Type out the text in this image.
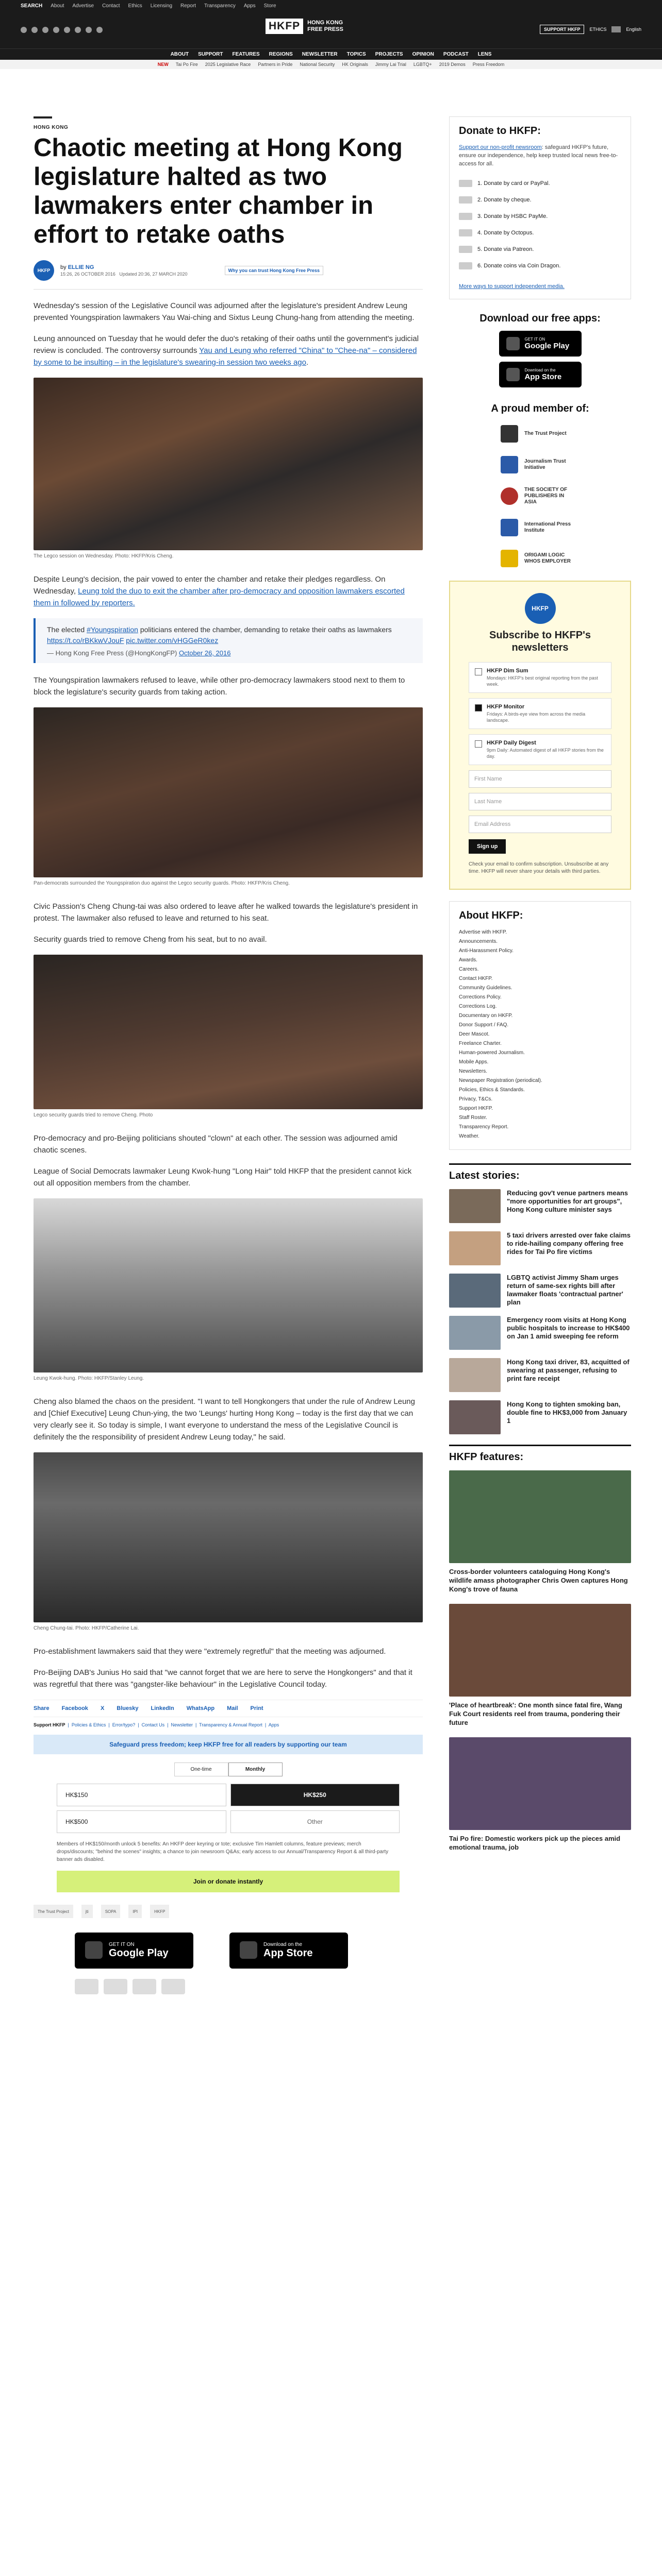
SEARCH About Advertise Contact Ethics Licensing Report Transparency Apps Store
HKFP	HONG KONG
FREE PRESS	SUPPORT HKFP	ETHICS	English
ABOUT SUPPORT FEATURES REGIONS NEWSLETTER TOPICS PROJECTS OPINION PODCAST LENS
NEW Tai Po Fire 2025 Legislative Race Partners in Pride National Security HK Originals Jimmy Lai Trial LGBTQ+ 2019 Demos Press Freedom
HONG KONG
Chaotic meeting at Hong Kong legislature halted as two lawmakers enter chamber in effort to retake oaths
HKFP	by ELLIE NG
15:26, 26 OCTOBER 2016 Updated 20:36, 27 MARCH 2020
Why you can trust Hong Kong Free Press

Wednesday's session of the Legislative Council was adjourned after the legislature's president Andrew Leung prevented Youngspiration lawmakers Yau Wai-ching and Sixtus Leung Chung-hang from attending the meeting.

Leung announced on Tuesday that he would defer the duo's retaking of their oaths until the government's judicial review is concluded. The controversy surrounds Yau and Leung who referred "China" to "Chee-na" – considered by some to be insulting – in the legislature's swearing-in session two weeks ago.

The Legco session on Wednesday. Photo: HKFP/Kris Cheng.

Despite Leung's decision, the pair vowed to enter the chamber and retake their pledges regardless. On Wednesday, Leung told the duo to exit the chamber after pro-democracy and opposition lawmakers escorted them in followed by reporters.

The elected #Youngspiration politicians entered the chamber, demanding to retake their oaths as lawmakers https://t.co/rBKkwVJouF pic.twitter.com/vHGGeR0kez

— Hong Kong Free Press (@HongKongFP) October 26, 2016

The Youngspiration lawmakers refused to leave, while other pro-democracy lawmakers stood next to them to block the legislature's security guards from taking action.

Pan-democrats surrounded the Youngspiration duo against the Legco security guards. Photo: HKFP/Kris Cheng.

Civic Passion's Cheng Chung-tai was also ordered to leave after he walked towards the legislature's president in protest. The lawmaker also refused to leave and returned to his seat.

Security guards tried to remove Cheng from his seat, but to no avail.

Legco security guards tried to remove Cheng. Photo

Pro-democracy and pro-Beijing politicians shouted "clown" at each other. The session was adjourned amid chaotic scenes.

League of Social Democrats lawmaker Leung Kwok-hung "Long Hair" told HKFP that the president cannot kick out all opposition members from the chamber.

Leung Kwok-hung. Photo: HKFP/Stanley Leung.

Cheng also blamed the chaos on the president. "I want to tell Hongkongers that under the rule of Andrew Leung and [Chief Executive] Leung Chun-ying, the two 'Leungs' hurting Hong Kong – today is the first day that we can very clearly see it. So today is simple, I want everyone to understand the mess of the Legislative Council is definitely the the responsibility of president Andrew Leung today," he said.

Cheng Chung-tai. Photo: HKFP/Catherine Lai.

Pro-establishment lawmakers said that they were "extremely regretful" that the meeting was adjourned.

Pro-Beijing DAB's Junius Ho said that "we cannot forget that we are here to serve the Hongkongers" and that it was regretful that there was "gangster-like behaviour" in the Legislative Council today.

Share Facebook X Bluesky LinkedIn WhatsApp Mail Print
Support HKFP  |  Policies & Ethics  |  Error/typo?  |  Contact Us  |  Newsletter  |  Transparency & Annual Report  |  Apps
Safeguard press freedom; keep HKFP free for all readers by supporting our team
One-time	Monthly
HK$150	HK$250
HK$500	Other
Members of HK$150/month unlock 5 benefits: An HKFP deer keyring or tote; exclusive Tim Hamlett columns, feature previews; merch drops/discounts; "behind the scenes" insights; a chance to join newsroom Q&As; early access to our Annual/Transparency Report & all third-party banner ads disabled.
Join or donate instantly
The Trust Project	jti	SOPA	IPI	HKFP
GET IT ON
Google Play
Download on the
App Store
Donate to HKFP:
Support our non-profit newsroom: safeguard HKFP's future, ensure our independence, help keep trusted local news free-to-access for all.
1. Donate by card or PayPal.
2. Donate by cheque.
3. Donate by HSBC PayMe.
4. Donate by Octopus.
5. Donate via Patreon.
6. Donate coins via Coin Dragon.
More ways to support independent media.
Download our free apps:
GET IT ON
Google Play
Download on the
App Store
A proud member of:
The Trust Project
Journalism Trust Initiative
THE SOCIETY OF PUBLISHERS IN ASIA
International Press Institute
ORIGAMI LOGIC WHOS EMPLOYER
HKFP
Subscribe to HKFP's newsletters
HKFP Dim Sum
Mondays: HKFP's best original reporting from the past week.
HKFP Monitor
Fridays: A birds-eye view from across the media landscape.
HKFP Daily Digest
9pm Daily: Automated digest of all HKFP stories from the day.
First Name
Last Name
Email Address
Sign up
Check your email to confirm subscription. Unsubscribe at any time. HKFP will never share your details with third parties.
About HKFP:
Advertise with HKFP.
Announcements.
Anti-Harassment Policy.
Awards.
Careers.
Contact HKFP.
Community Guidelines.
Corrections Policy.
Corrections Log.
Documentary on HKFP.
Donor Support / FAQ.
Deer Mascot.
Freelance Charter.
Human-powered Journalism.
Mobile Apps.
Newsletters.
Newspaper Registration (periodical).
Policies, Ethics & Standards.
Privacy, T&Cs.
Support HKFP.
Staff Roster.
Transparency Report.
Weather.
Latest stories:
Reducing gov't venue partners means "more opportunities for art groups", Hong Kong culture minister says
5 taxi drivers arrested over fake claims to ride-hailing company offering free rides for Tai Po fire victims
LGBTQ activist Jimmy Sham urges return of same-sex rights bill after lawmaker floats 'contractual partner' plan
Emergency room visits at Hong Kong public hospitals to increase to HK$400 on Jan 1 amid sweeping fee reform
Hong Kong taxi driver, 83, acquitted of swearing at passenger, refusing to print fare receipt
Hong Kong to tighten smoking ban, double fine to HK$3,000 from January 1
HKFP features:
Cross-border volunteers cataloguing Hong Kong's wildlife amass photographer Chris Owen captures Hong Kong's trove of fauna
'Place of heartbreak': One month since fatal fire, Wang Fuk Court residents reel from trauma, pondering their future
Tai Po fire: Domestic workers pick up the pieces amid emotional trauma, job
